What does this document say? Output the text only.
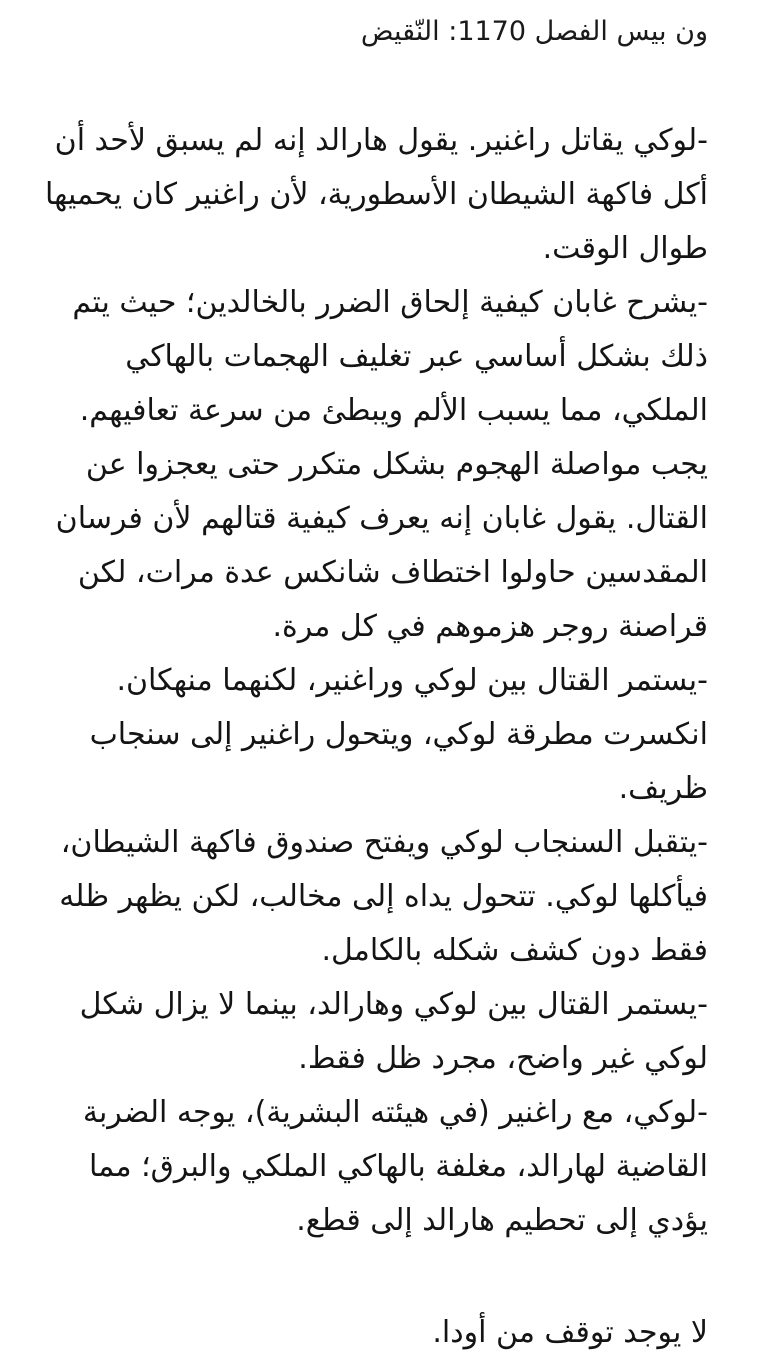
ون بيس الفصل 1170: النّقيض

-لوكي يقاتل راغنير. يقول هارالد إنه لم يسبق لأحد أن أكل فاكهة الشيطان الأسطورية، لأن راغنير كان يحميها طوال الوقت.

-يشرح غابان كيفية إلحاق الضرر بالخالدين؛ حيث يتم ذلك بشكل أساسي عبر تغليف الهجمات بالهاكي الملكي، مما يسبب الألم ويبطئ من سرعة تعافيهم. يجب مواصلة الهجوم بشكل متكرر حتى يعجزوا عن القتال. يقول غابان إنه يعرف كيفية قتالهم لأن فرسان المقدسين حاولوا اختطاف شانكس عدة مرات، لكن قراصنة روجر هزموهم في كل مرة.

-يستمر القتال بين لوكي وراغنير، لكنهما منهكان. انكسرت مطرقة لوكي، ويتحول راغنير إلى سنجاب ظريف.

-يتقبل السنجاب لوكي ويفتح صندوق فاكهة الشيطان، فيأكلها لوكي. تتحول يداه إلى مخالب، لكن يظهر ظله فقط دون كشف شكله بالكامل.

-يستمر القتال بين لوكي وهارالد، بينما لا يزال شكل لوكي غير واضح، مجرد ظل فقط.

-لوكي، مع راغنير (في هيئته البشرية)، يوجه الضربة القاضية لهارالد، مغلفة بالهاكي الملكي والبرق؛ مما يؤدي إلى تحطيم هارالد إلى قطع.

لا يوجد توقف من أودا.
